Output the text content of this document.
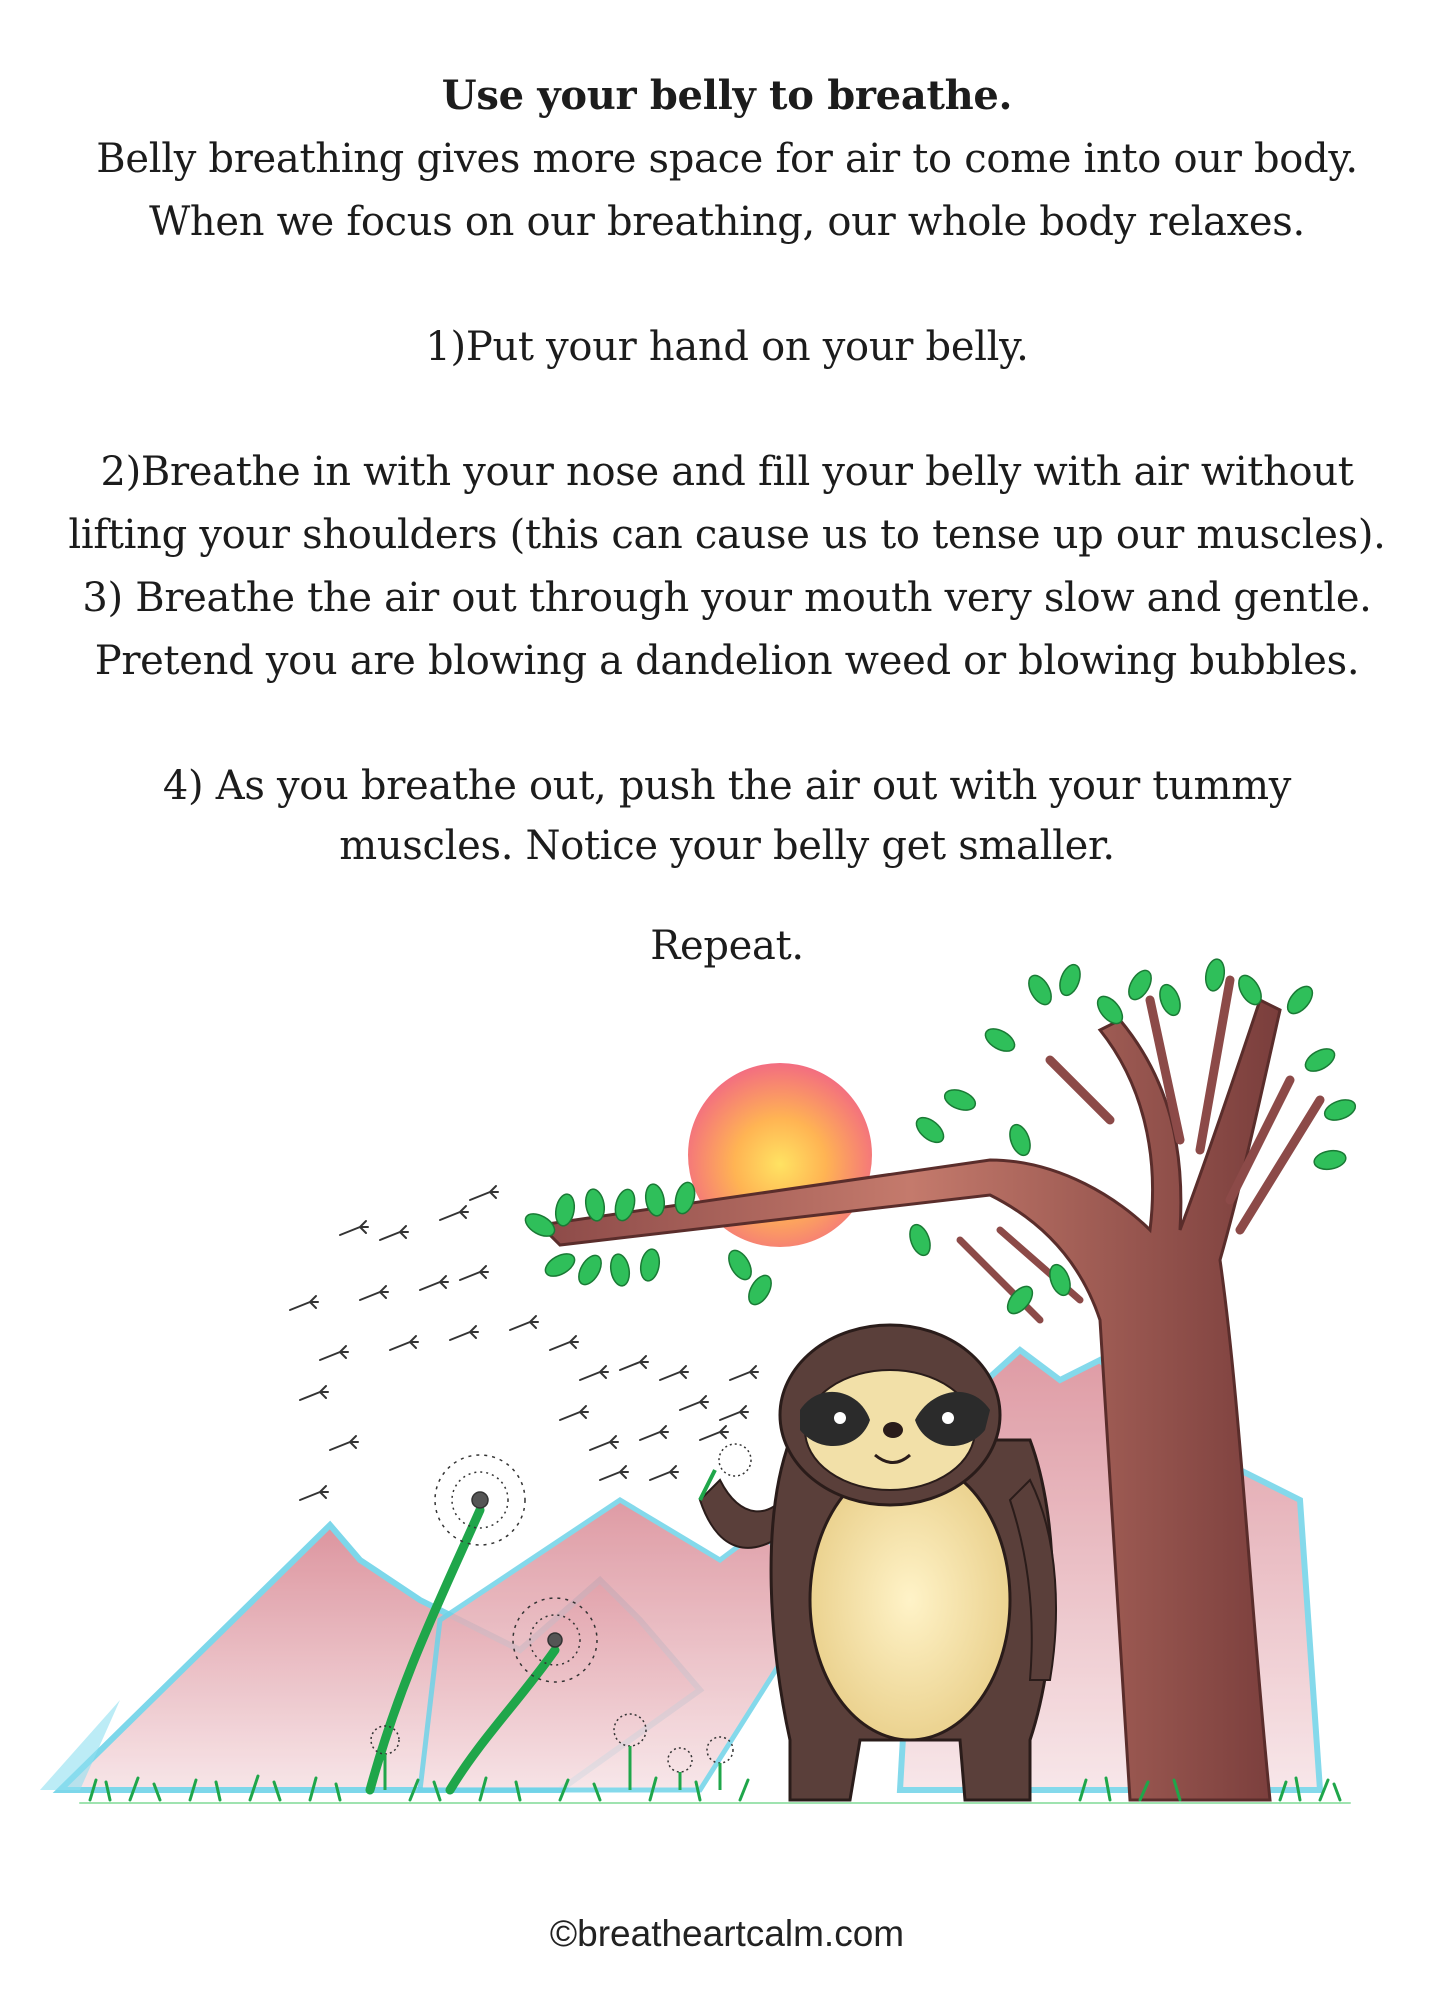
Use your belly to breathe.
Belly breathing gives more space for air to come into our body.
When we focus on our breathing, our whole body relaxes.
1)Put your hand on your belly.
2)Breathe in with your nose and fill your belly with air without
lifting your shoulders (this can cause us to tense up our muscles).
3) Breathe the air out through your mouth very slow and gentle.
Pretend you are blowing a dandelion weed or blowing bubbles.
4) As you breathe out, push the air out with your tummy
muscles. Notice your belly get smaller.
Repeat.
©breatheartcalm.com
